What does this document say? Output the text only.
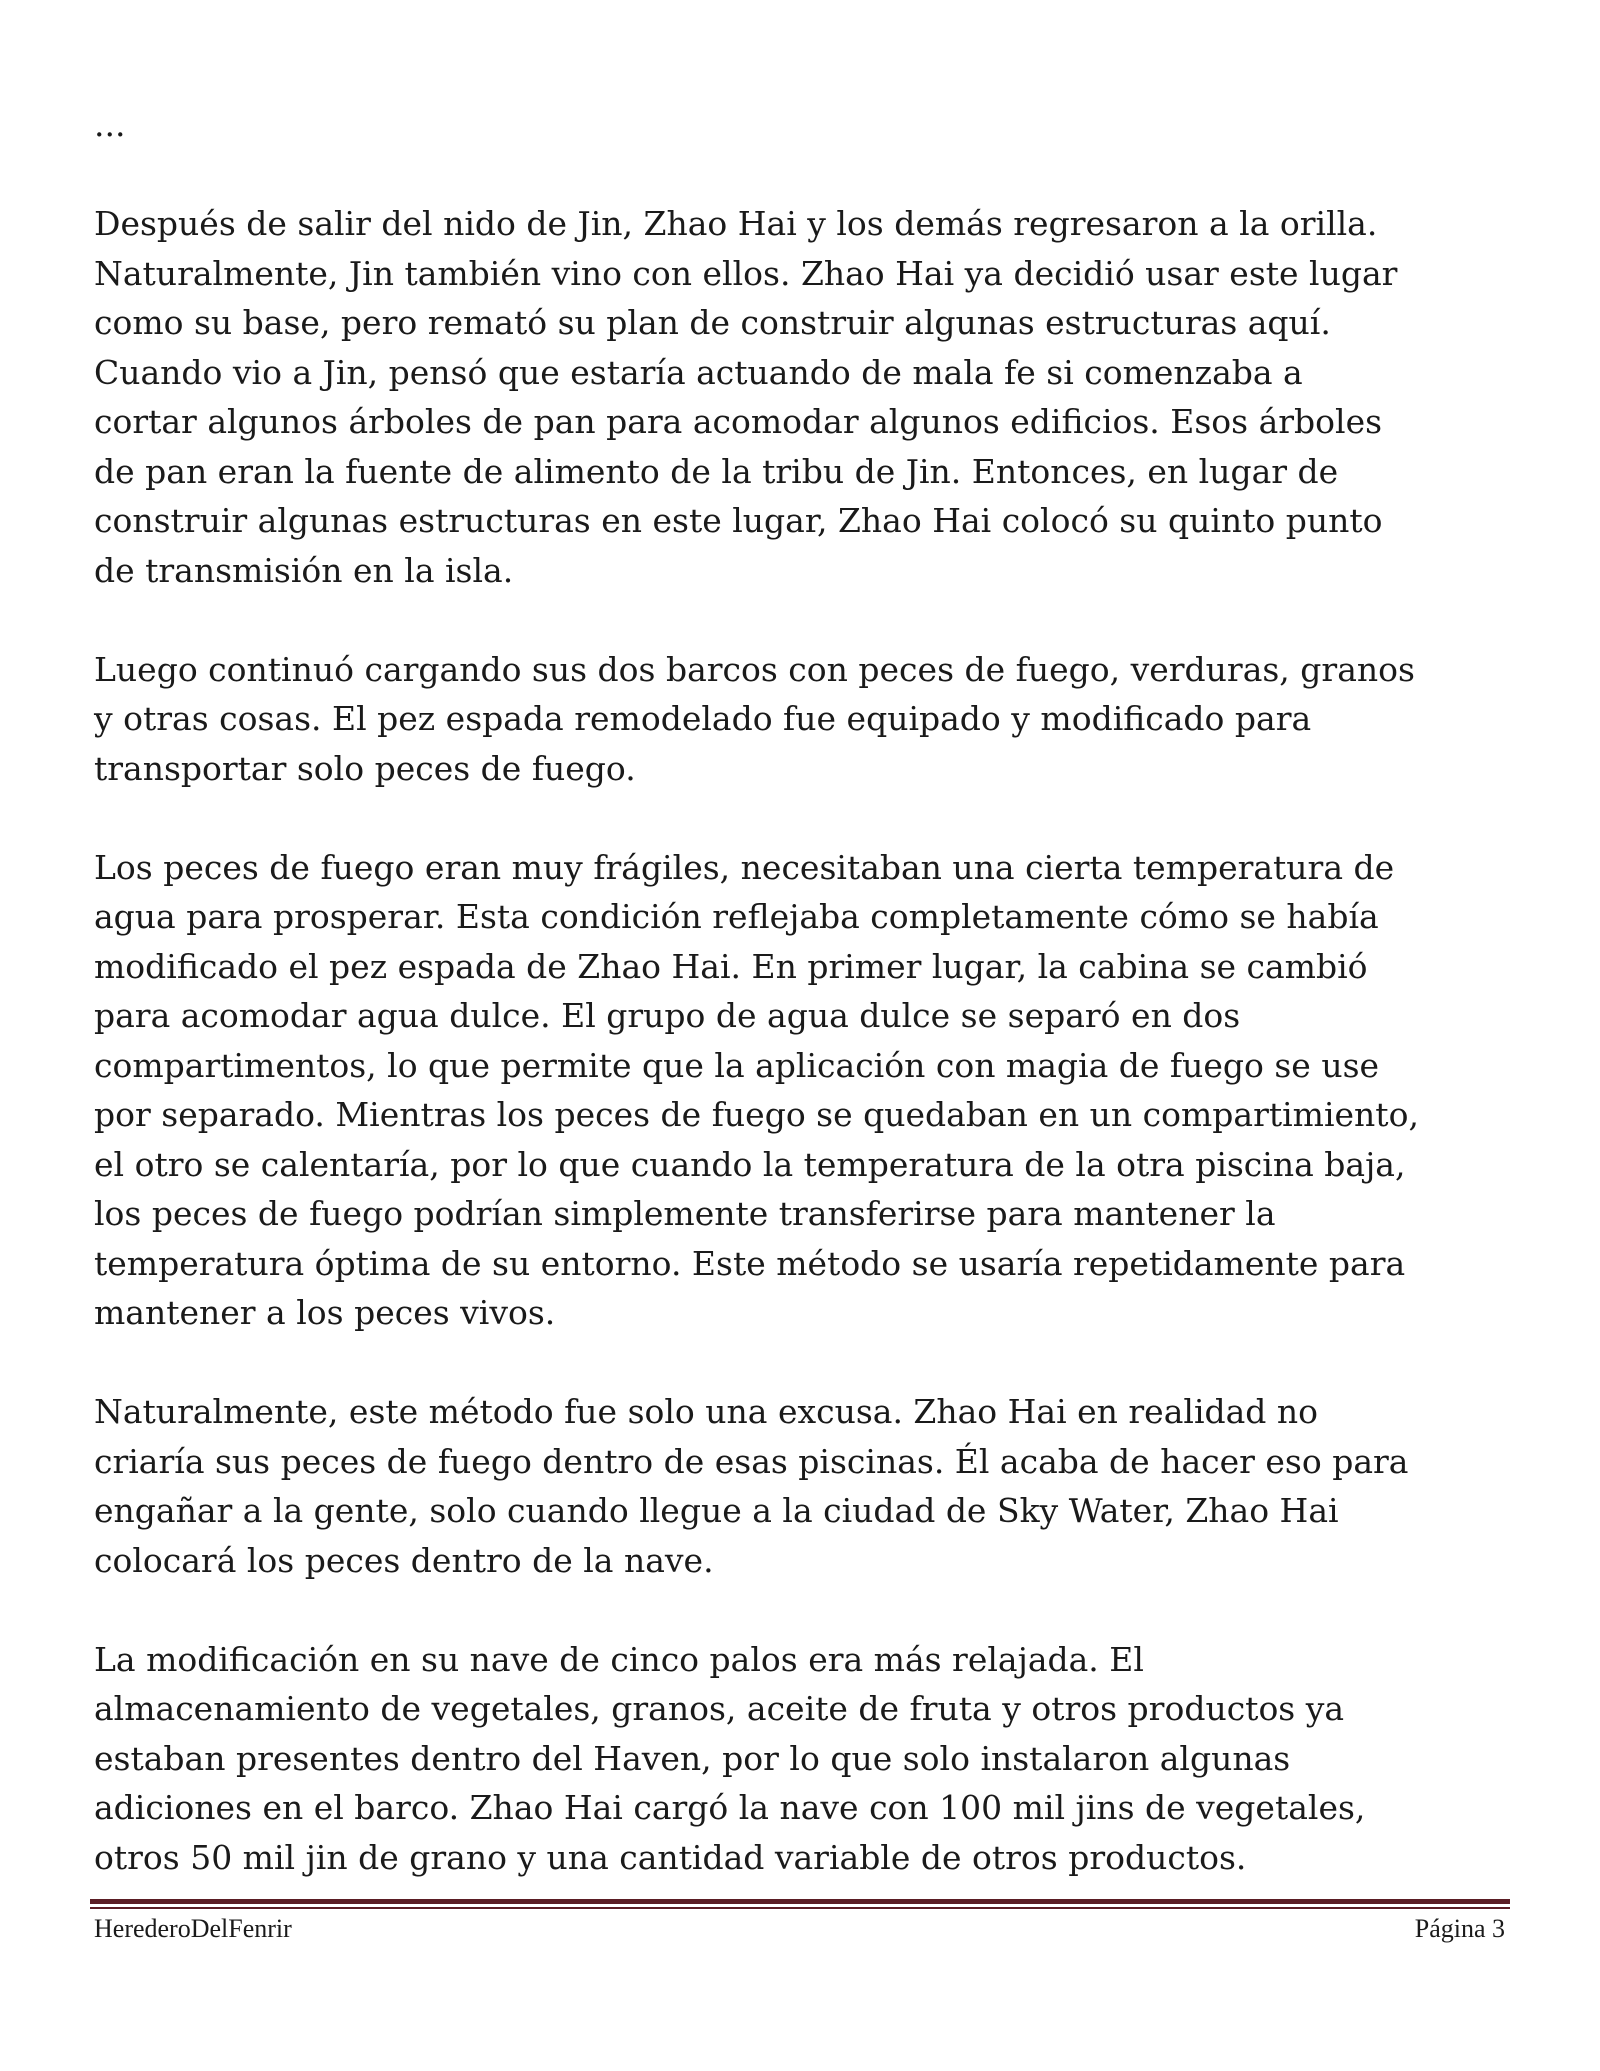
...

Después de salir del nido de Jin, Zhao Hai y los demás regresaron a la orilla.
Naturalmente, Jin también vino con ellos. Zhao Hai ya decidió usar este lugar
como su base, pero remató su plan de construir algunas estructuras aquí.
Cuando vio a Jin, pensó que estaría actuando de mala fe si comenzaba a
cortar algunos árboles de pan para acomodar algunos edificios. Esos árboles
de pan eran la fuente de alimento de la tribu de Jin. Entonces, en lugar de
construir algunas estructuras en este lugar, Zhao Hai colocó su quinto punto
de transmisión en la isla.

Luego continuó cargando sus dos barcos con peces de fuego, verduras, granos
y otras cosas. El pez espada remodelado fue equipado y modificado para
transportar solo peces de fuego.

Los peces de fuego eran muy frágiles, necesitaban una cierta temperatura de
agua para prosperar. Esta condición reflejaba completamente cómo se había
modificado el pez espada de Zhao Hai. En primer lugar, la cabina se cambió
para acomodar agua dulce. El grupo de agua dulce se separó en dos
compartimentos, lo que permite que la aplicación con magia de fuego se use
por separado. Mientras los peces de fuego se quedaban en un compartimiento,
el otro se calentaría, por lo que cuando la temperatura de la otra piscina baja,
los peces de fuego podrían simplemente transferirse para mantener la
temperatura óptima de su entorno. Este método se usaría repetidamente para
mantener a los peces vivos.

Naturalmente, este método fue solo una excusa. Zhao Hai en realidad no
criaría sus peces de fuego dentro de esas piscinas. Él acaba de hacer eso para
engañar a la gente, solo cuando llegue a la ciudad de Sky Water, Zhao Hai
colocará los peces dentro de la nave.

La modificación en su nave de cinco palos era más relajada. El
almacenamiento de vegetales, granos, aceite de fruta y otros productos ya
estaban presentes dentro del Haven, por lo que solo instalaron algunas
adiciones en el barco. Zhao Hai cargó la nave con 100 mil jins de vegetales,
otros 50 mil jin de grano y una cantidad variable de otros productos.

HerederoDelFenrir	Página 3
